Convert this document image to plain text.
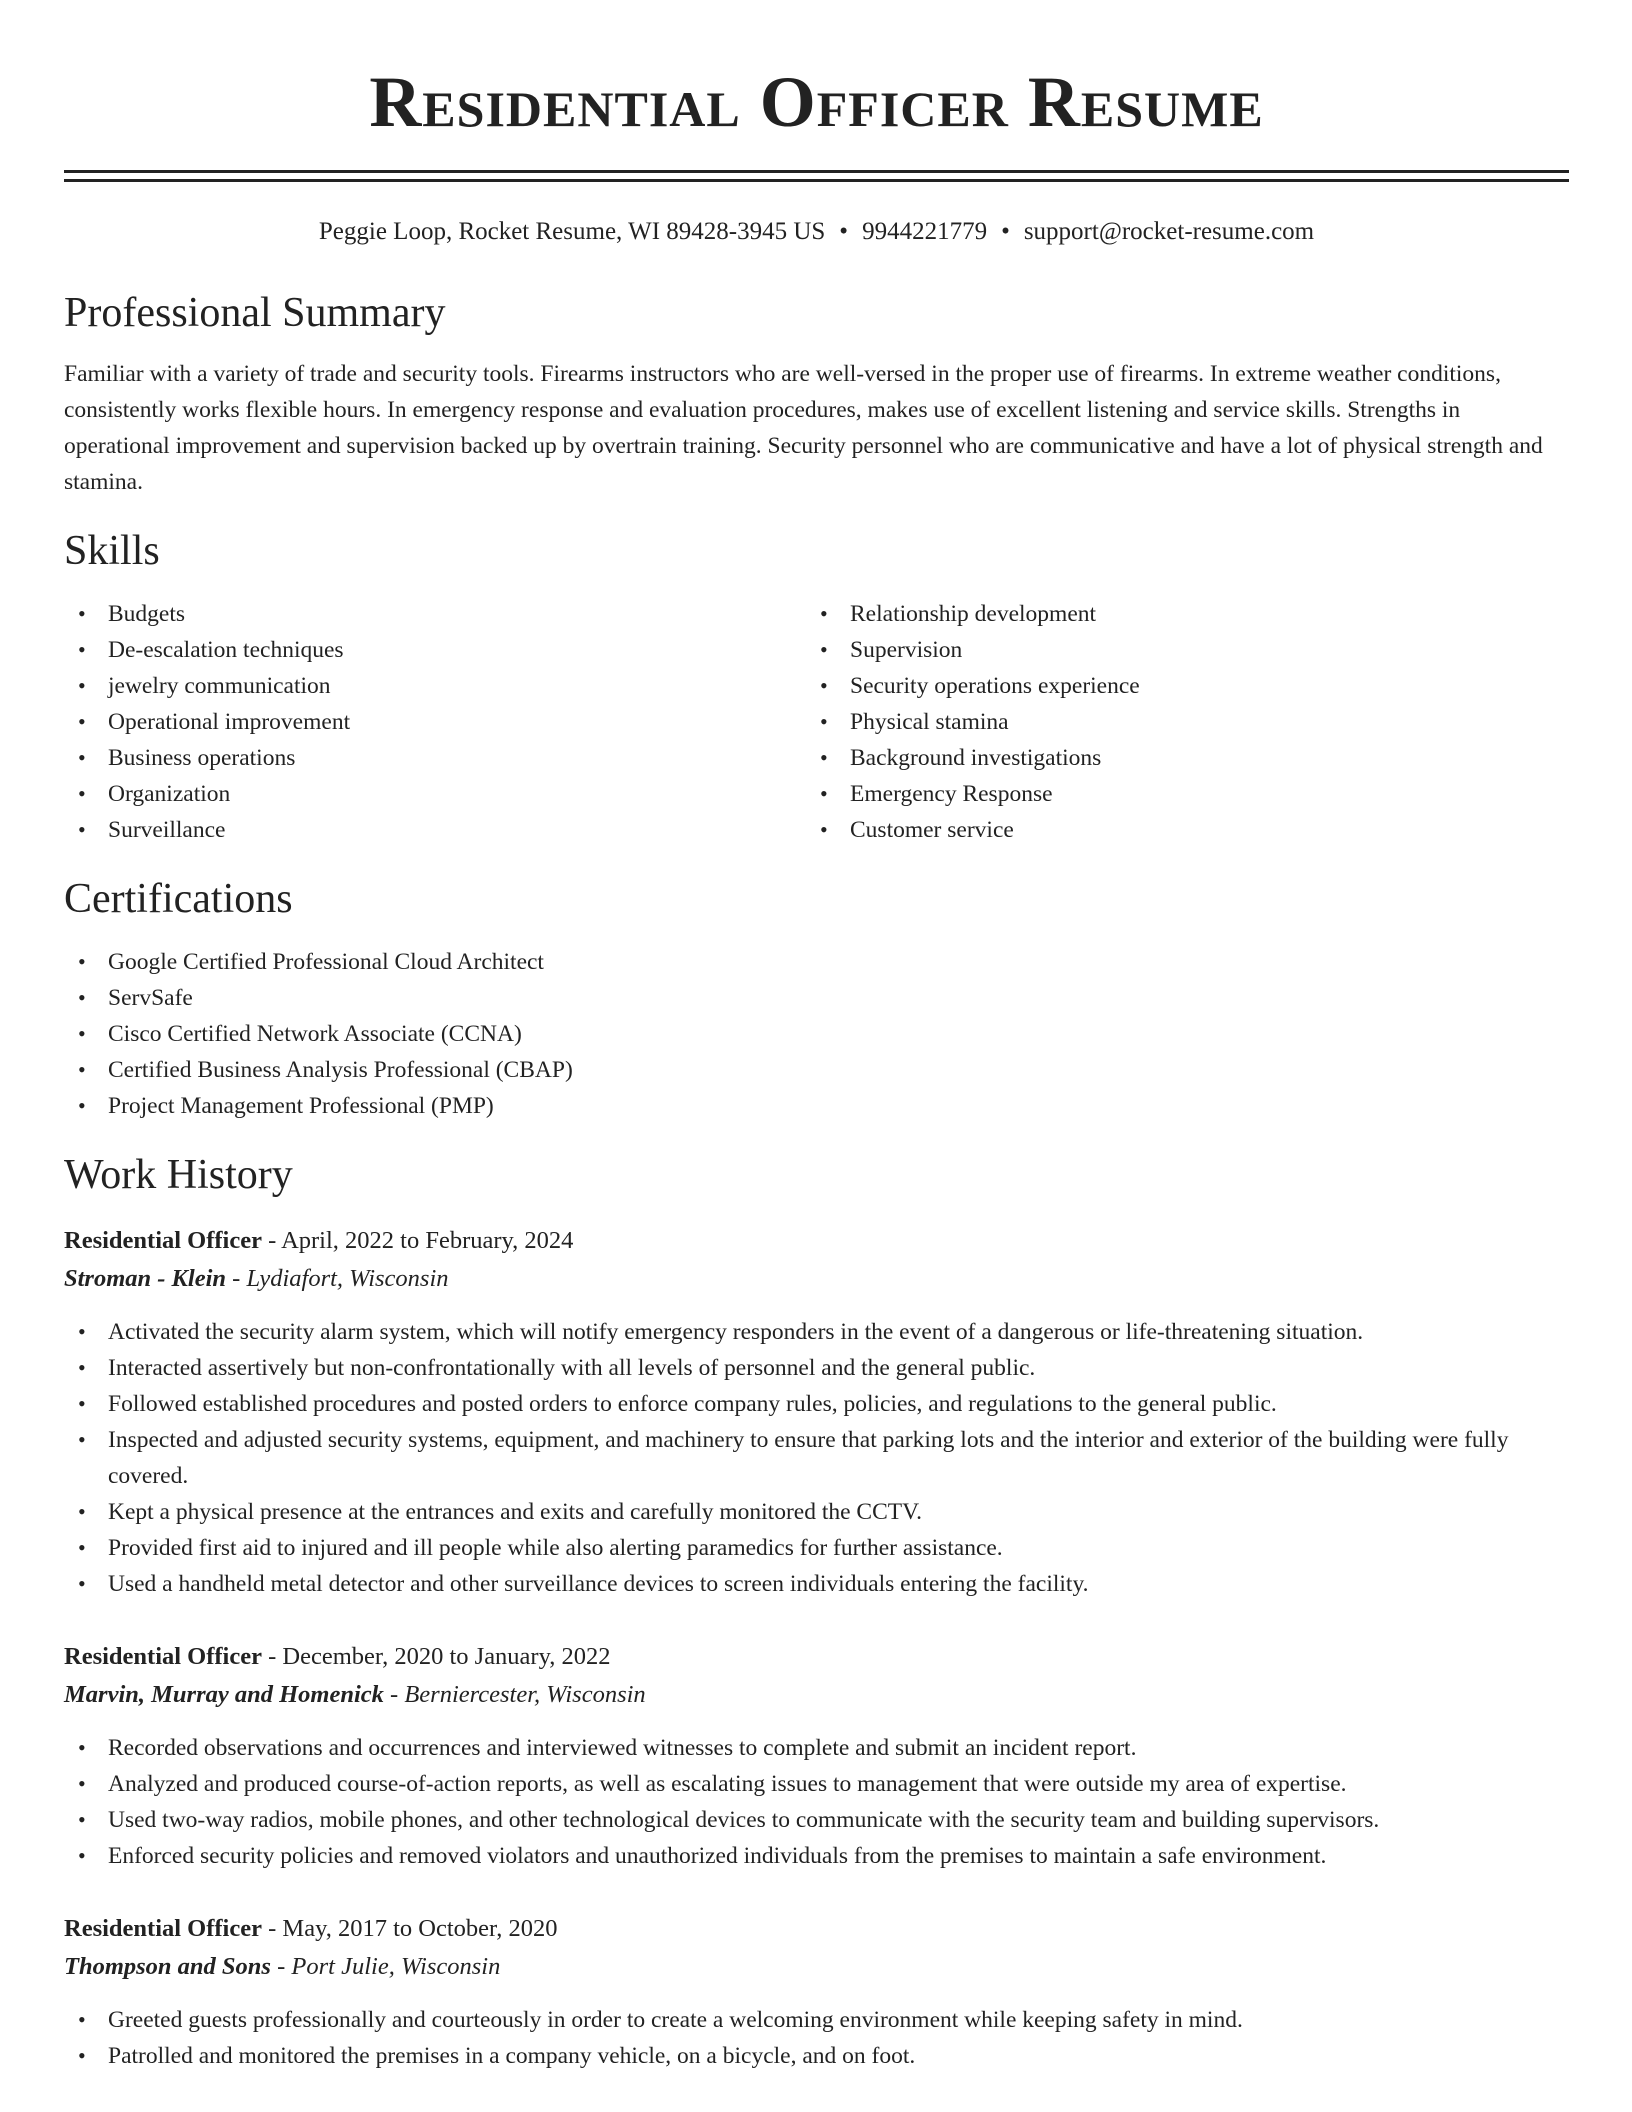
Residential Officer Resume
Peggie Loop, Rocket Resume, WI 89428-3945 US • 9944221779 • support@rocket-resume.com
Professional Summary
Familiar with a variety of trade and security tools. Firearms instructors who are well-versed in the proper use of firearms. In extreme weather conditions, consistently works flexible hours. In emergency response and evaluation procedures, makes use of excellent listening and service skills. Strengths in operational improvement and supervision backed up by overtrain training. Security personnel who are communicative and have a lot of physical strength and stamina.
Skills
• Budgets
• De-escalation techniques
• jewelry communication
• Operational improvement
• Business operations
• Organization
• Surveillance
• Relationship development
• Supervision
• Security operations experience
• Physical stamina
• Background investigations
• Emergency Response
• Customer service
Certifications
• Google Certified Professional Cloud Architect
• ServSafe
• Cisco Certified Network Associate (CCNA)
• Certified Business Analysis Professional (CBAP)
• Project Management Professional (PMP)
Work History
Residential Officer - April, 2022 to February, 2024
Stroman - Klein - Lydiafort, Wisconsin
• Activated the security alarm system, which will notify emergency responders in the event of a dangerous or life-threatening situation.
• Interacted assertively but non-confrontationally with all levels of personnel and the general public.
• Followed established procedures and posted orders to enforce company rules, policies, and regulations to the general public.
• Inspected and adjusted security systems, equipment, and machinery to ensure that parking lots and the interior and exterior of the building were fully covered.
• Kept a physical presence at the entrances and exits and carefully monitored the CCTV.
• Provided first aid to injured and ill people while also alerting paramedics for further assistance.
• Used a handheld metal detector and other surveillance devices to screen individuals entering the facility.
Residential Officer - December, 2020 to January, 2022
Marvin, Murray and Homenick - Berniercester, Wisconsin
• Recorded observations and occurrences and interviewed witnesses to complete and submit an incident report.
• Analyzed and produced course-of-action reports, as well as escalating issues to management that were outside my area of expertise.
• Used two-way radios, mobile phones, and other technological devices to communicate with the security team and building supervisors.
• Enforced security policies and removed violators and unauthorized individuals from the premises to maintain a safe environment.
Residential Officer - May, 2017 to October, 2020
Thompson and Sons - Port Julie, Wisconsin
• Greeted guests professionally and courteously in order to create a welcoming environment while keeping safety in mind.
• Patrolled and monitored the premises in a company vehicle, on a bicycle, and on foot.
